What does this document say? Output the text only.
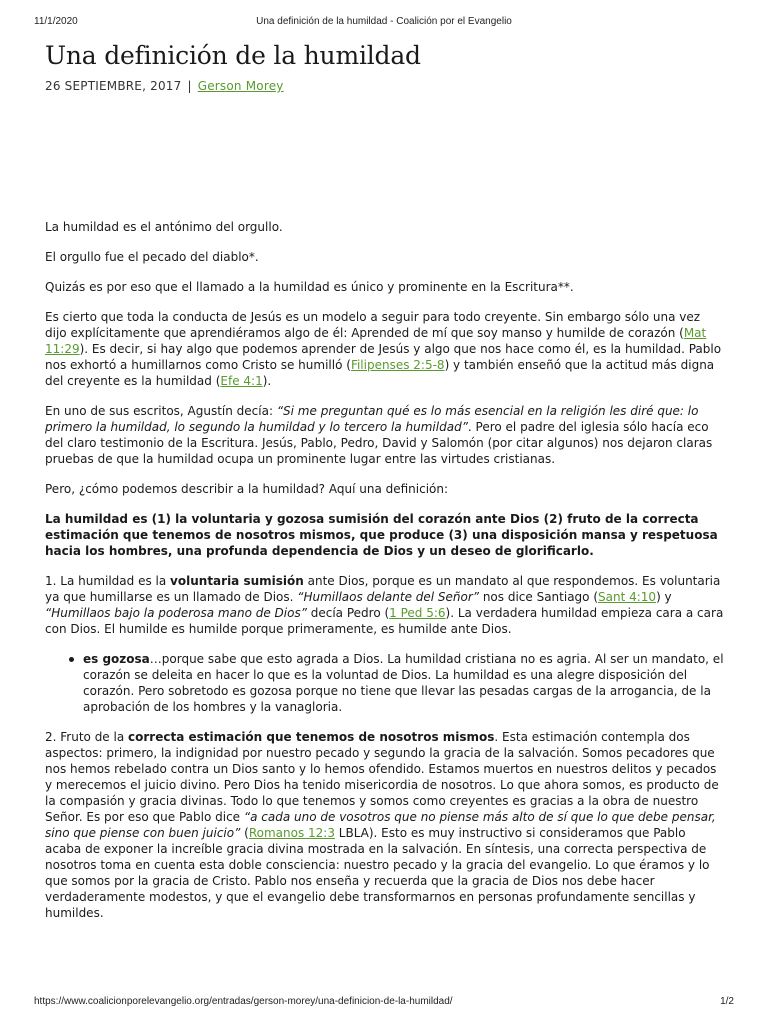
11/1/2020	Una definición de la humildad - Coalición por el Evangelio
Una definición de la humildad
26 SEPTIEMBRE, 2017 | Gerson Morey

La humildad es el antónimo del orgullo.

El orgullo fue el pecado del diablo*.

Quizás es por eso que el llamado a la humildad es único y prominente en la Escritura**.

Es cierto que toda la conducta de Jesús es un modelo a seguir para todo creyente. Sin embargo sólo una vez dijo explícitamente que aprendiéramos algo de él: Aprended de mí que soy manso y humilde de corazón (Mat 11:29). Es decir, si hay algo que podemos aprender de Jesús y algo que nos hace como él, es la humildad. Pablo nos exhortó a humillarnos como Cristo se humilló (Filipenses 2:5-8) y también enseñó que la actitud más digna del creyente es la humildad (Efe 4:1).

En uno de sus escritos, Agustín decía: “Si me preguntan qué es lo más esencial en la religión les diré que: lo primero la humildad, lo segundo la humildad y lo tercero la humildad”. Pero el padre del iglesia sólo hacía eco del claro testimonio de la Escritura. Jesús, Pablo, Pedro, David y Salomón (por citar algunos) nos dejaron claras pruebas de que la humildad ocupa un prominente lugar entre las virtudes cristianas.

Pero, ¿cómo podemos describir a la humildad? Aquí una definición:

La humildad es (1) la voluntaria y gozosa sumisión del corazón ante Dios (2) fruto de la correcta estimación que tenemos de nosotros mismos, que produce (3) una disposición mansa y respetuosa hacia los hombres, una profunda dependencia de Dios y un deseo de glorificarlo.

1. La humildad es la voluntaria sumisión ante Dios, porque es un mandato al que respondemos. Es voluntaria ya que humillarse es un llamado de Dios. “Humillaos delante del Señor” nos dice Santiago (Sant 4:10) y “Humillaos bajo la poderosa mano de Dios” decía Pedro (1 Ped 5:6). La verdadera humildad empieza cara a cara con Dios. El humilde es humilde porque primeramente, es humilde ante Dios.

es gozosa…porque sabe que esto agrada a Dios. La humildad cristiana no es agria. Al ser un mandato, el corazón se deleita en hacer lo que es la voluntad de Dios. La humildad es una alegre disposición del corazón. Pero sobretodo es gozosa porque no tiene que llevar las pesadas cargas de la arrogancia, de la aprobación de los hombres y la vanagloria.

2. Fruto de la correcta estimación que tenemos de nosotros mismos. Esta estimación contempla dos aspectos: primero, la indignidad por nuestro pecado y segundo la gracia de la salvación. Somos pecadores que nos hemos rebelado contra un Dios santo y lo hemos ofendido. Estamos muertos en nuestros delitos y pecados y merecemos el juicio divino. Pero Dios ha tenido misericordia de nosotros. Lo que ahora somos, es producto de la compasión y gracia divinas. Todo lo que tenemos y somos como creyentes es gracias a la obra de nuestro Señor. Es por eso que Pablo dice “a cada uno de vosotros que no piense más alto de sí que lo que debe pensar, sino que piense con buen juicio” (Romanos 12:3 LBLA). Esto es muy instructivo si consideramos que Pablo acaba de exponer la increíble gracia divina mostrada en la salvación. En síntesis, una correcta perspectiva de nosotros toma en cuenta esta doble consciencia: nuestro pecado y la gracia del evangelio. Lo que éramos y lo que somos por la gracia de Cristo. Pablo nos enseña y recuerda que la gracia de Dios nos debe hacer verdaderamente modestos, y que el evangelio debe transformarnos en personas profundamente sencillas y humildes.

https://www.coalicionporelevangelio.org/entradas/gerson-morey/una-definicion-de-la-humildad/	1/2
